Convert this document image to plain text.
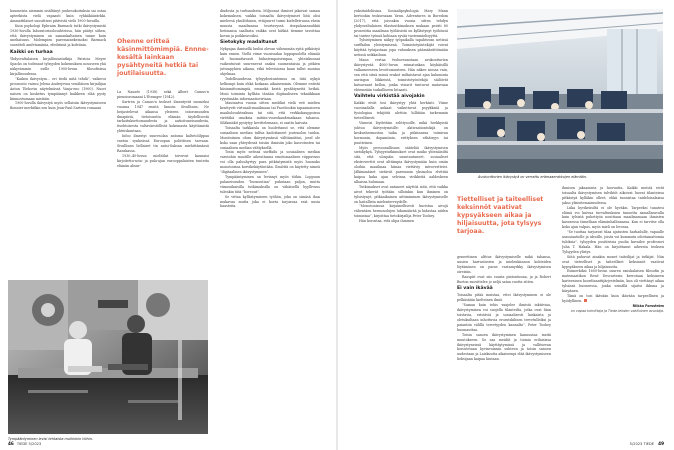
huumeista aiemmin sisältänyt juuhesokoituksia sai ostaa apteekista vielä vapaasti kuin ryhkäkäärärkki. Ammattilaiset suosittivat pitävistä vielä 1900-luvuilla.

Kuin psykologi Ephraim Barmack tutki ikävystymistä 1930-luvulla laboratorioolosuhteissa, hän päätyi siihen, että ikävystyminen on samankaltainen tunne kuin uneliaisuus. Molempien paremainekeinoksi Barmack suositteli amfetamiinia, efedriiniä ja kofeiinia.

Kaikki on turhaa

Yhdysvaltalaisen kirjallisuustutkija Patricia Meyer Spacks on todennut tylsyyden kokemuksen nousseen yhä näkyvämmin esille 1900-luvun filosofisissa kirjallisuudessa.

”Kaiken ikävystym… eri tiedä mitä tehdä”, vaikeroi proosonto vaisuu Jelena Andrejevna venäläisen kirjailijan Anton Tšehovin näytelmässä Vanja-eno (1900). Nuori naisen on kosketus tympäännyt kaikkeen elää pysty kiinnostumaan mistään.

1900-luvulla ikävystyä myös sellaisiin ikävystymiseen Bonnier merkitkin sen kuin Jean-Paul Sartren romaani

Ohenne oritteä käsinmittömimpiä. Ennne-kesältä lainkaan pysähtyneitä hetkiä tai joutilaisuutta.

La Nausée (1938) sekä Albert Camus'n pienoisromaani L'Étranger (1942).

Sartren ja Camus'n teokset ilmentyvät suomeksi vuonna 1947 ensitä linnoin Sivullinen. Ne heijastelevat aikansa yleiseen intoromuuden ilmapiiriä, tietoisuutta elämän täydellisestä tarkoituksettomuudesta ja autioituneisuudesta, itsehtoisesta valtaväestöllistä kokemasta käyttämistä yhteiskuntaan.

Infoo ilmestyi suuresolan antoma kaltetolilppua vaeton synkeässä Euroopan poliittisen tarvaan. Sivullinen liellaiset tin natsi-Saksan miehittämässä Ranskassa.

1930–40-luvun mielitilat toivuvat kaunaisi kirjoitettu-sota- ja pula-ajan eurooppalaisten tunteita elämän absur-

diudesta ja turhuudesta. Miljoonat ihmiset jakoivat saman kokemuksen, vaikka toisaalta ikävystymiset liitä olisi mieleesä yksilöihinen, ettäjuuret turmi kielelletruusa ehein muusta maailmassa teurtavyssä itsepalasannuhkiä hetimassa saallasta vaikka ovat hätkiä tiemme tavoittaa kovan ja poikkeavoiksi.

Sietokyky madaltunut

Nykyajan ihmisellä luulisi olevan vähemmän syitä pitkästyä kuin ennen. Viellä viime vuosisadan loppupuolella elämää oli huomattavasti hidastempoisempaa, yhteiskunnat vaikeutuivat suurenevat osaksi suomentaisia ja pitkien juttuapyhien aikana, etkä televisiossa kaan tullut montaa ohjelmaa.

Todellisuudessa tylsyydentuntemus on tätä nykyä helkompi kuin ehkä koskaan aikaisemmin. Olemme entistä käsinmittomimpiä, emmekä kestä pysähtyneitä hetkiä. Moni toiminta kyllään tänään digitaaliseen tekniikkaan ryystimään informaatiovirtaan.

Mautantva vuosia sitten mediliat vielä veit mielien kenttyvät virtuaali-maailmaan tai Facebookin tapaamaiseen maaliolosuhteaksua tai sitä, että verkkokauppoissa virittähä omoksia mitiiin-vuorokaudenaikaan tahansa. Siläkmiikit pystytyy kevittelemaan, ei osattu kaivata.

Toisaalta tarkkaisla on huolettanut se, että olemme sosiaalisen median tulfua kadottaneet joutenolon taidon. Monitoiinen olosu ikävystymässä välttämätöni, josel ole koko saan yhteydessä toisiin ihmisiin joko kasvotusten tai sosiaalisen median välityksellä.

Tosin myös netissä surffailu ja sosiaalisen median varoinhin muotille aiheuttanna emotionaalisen riippuvuus voi olla paluuhyrtyy para pitkästymistä myös huonuko monotoisina korvikekäytöntään. Ilmiöttä on käytetty nimeä ”digitaalinen ikävystyminen”.

Tympääntyminen on levinnyt myös töihin. Loppuun palaneisuuden ”burnoutina” puhutaan paljon, mutta viimeaikaisilla tutkimuksilla on vähäisellä hyyllivuus tulenkin tätä ”boreout”.

Se vittaa kyllästymiseen työhön, joka on siinäsä ihan mukavaa mutta joka ei koeta tarjoavaa esiä uusia haasteita.

Tympääntyminen levisi tehtaista muihinkin töihin.
46 TIEDE 5/2023

yuksitaidoliisina. Sosiaalipsykologia Mary Mann kertookin teoksessaan Yawn. Adventures in Boredom (2017), että joissakin vuosia sitten tehdyn yhdysvaltalaisen tilastoutkimuksen mukaan peräti 80 prosenttia maailman työläisistä on kyllästynyt työhönsä tai tuntee työnsä kohtaan syvää vastenmielisyyttä.

Tylsistyminen näkyy työpaikalla tapahtuvan netissä surffailun yleistymisenä. Toimistotyöntekijät voivat käyttää työajastaan jopa vahuuksen päämäärättömään netissä seikkailuun.

Mann vertaa tvoboreanotaan avokonttorien ikävystyvää 4000-luvun esimatuskan köykäisillä vallanneeseen levottomuuteen. Hän näkee niossa vain, sen että situä missä erakot miltaistavat ajan kuluminta auringon liikkeistä, toimistotyöntekijä säilöivät katsavaant kellon, jonka viisarit tuntuvat matavaan ehtemrään tuskalliseen hitaasti.

Vaihtelu virkistää aivojakin

Kaikki eivät tosi ikävystyy yhtä herkästi. Viime vuosisadalla ankaat vaikuttavat psyykkisiä ja fysiologiaa tekijöitä alettiin hillitään tarkemmin tieteellisesti.

Viimeisi löydettäin selittysoille, mikä herkkyistä johtuu ikävystymisille: aktivaationtokijä on keskushermoston taika ja piikiinnesa toimivan hormonin, dopamiinin, erittyksen vähäisyys tai puutteinen.

Myös persoonallisuus säätelää ikävystymisen sietokykyä. Tylsyystutkimukset ovat muiko yhtenäisiltä sitä, että ulospäin suuntautuneet, sosiaaliset ekstroverttit ovat alttiimpia ikävystymään kuin omiin oloihin maailmaa hiinaa viettäviy introvertteist. Jälkimmäiset sietävät paremmin yksinoloa elvittää kaipoa kuka ajan selvinsa virikkeitä aaldeskeen alhaissa hulunaan.

Tutkimukset ovat antaneet näyttöä siitä, että vaikka aivot tekevät työtään silloinkin kun ihminen on tylsistynyt, pitkäaikainen aittimiminen ikävystymiselle on haitallista mielenterveydelle.

”Monotonisuus kirjaimellisesti kuristaa aivojä vähentäen hermosolujen lukumäärää ja hidastaa niiden toimintaa”, kirjoittaa tietokirjailija Peter Toohey.

Hän korostaa, että olipa ihminen

Avokonttorien ikävystyä on verrattu erämaaerakkojen elämään.
Tiettelliset ja taiteelliset keksinnöt vaativat kypsyäkseen aikaa ja hiljaisuutta, jota tylsyys tarjoaa.

geneettinen alttius ikävystymiselle mikä tahansa, uusien harrastusten ja mielenkiinnon kohteiden löytäminen on paras vastamyrkky ikävystymisen oireisiin.

Rasspiit ovat siis suuria pintontuuna, ja ja Robert Burton suosittelee jo neljä sataa vuotta sitten.

Ei vain ikävää

Toisaalta pitää muistaa, ettei ikävystyminen ei ole pelkästään kielteinen ilmiö.

”Saman kuin tehis vaajelee ihmisiä inktiiviaa, ikävystyminen voi suojella tilanteilta, jotka ovat liian toistavia, eristäviä ja sosiaalisesti laiskaista ja oletuksiltaan inhottuvia eroaviskilinen tervetulleiksi ja paiantiin välillä tervetyyden kannalta”, Peter Toohey huomauttaa.

Toisin sanoen ikävystyminen kannustaa meitä muutokseen. Se saa meidät ja toimia erilaisissa ikävystyneissä käyttäytymissä ja vallitsevan korostetaan hyvinvoinnin suhteen ja toisin sanoen uudestaan ja Laiskuutta aikaisempi elää ikävystymiseen lieksijaan kaipaa hintaan.

ihmisen jaksamista ja luovuutta. Kaikki meistä eivät toisaalta ikävystymisen tulviktöt aikoivat luovat tilanteissa pitkästyä kylläkin olleet, ehkä tunnistaa taideloisalaissa jakso ylisisitemaisuudessa.

Liika hyvikeiisiltä ei ole hyväksi. Tarpeeksi tunatesi elämä voi kuivua turvaltuuksien tunnetta samallaravalla kuin tylsistä puhettyöa nouttiaan maailmassaan ihmisten kasvaessa tiimellaan elämänhallinnassa. Kun ei tarvitse olla koko ajan valpas, myös mieli on levossa.

”Se tuottaa tarjoavat tilaa ajatusten harhailulle, vapaalle assosiaatiolle ja ideoille, joista voi kummuta odottamattomia tuloksia”, tylsyyden positiivisia puolia kuvailee professori Juha T. Hakala. Hän on kirjoittanut aiheesta teoksen Tylsyyden ylistys.

Siitä puhuvat ainakin monet taiteilijat ja tutkijat. Niin ovat tieteelliset ja taiteelliset keksinnöt vaativat kypsyäkseen aikaa ja hiljaisuutta.

Esimerkiksi 1600-luvun suuren ranskalaisen filosofin ja matemaatikon René Descartesin kerrotaan keksineen karteesinen koordinaattijärjestelmän, kun oli viettänyt aikaa tylsässä huoneessa, jonka seinällä sijaitsi ikkuna ja kärpänen.

Tämä on tosi ikävään kuin ikävään tarpeellinen ja hyödyllinen.

Riikka Forsström

on vapaa toimittaja ja Tiede-lehden vakituinen avustaja.

5/2023 TIEDE 49
